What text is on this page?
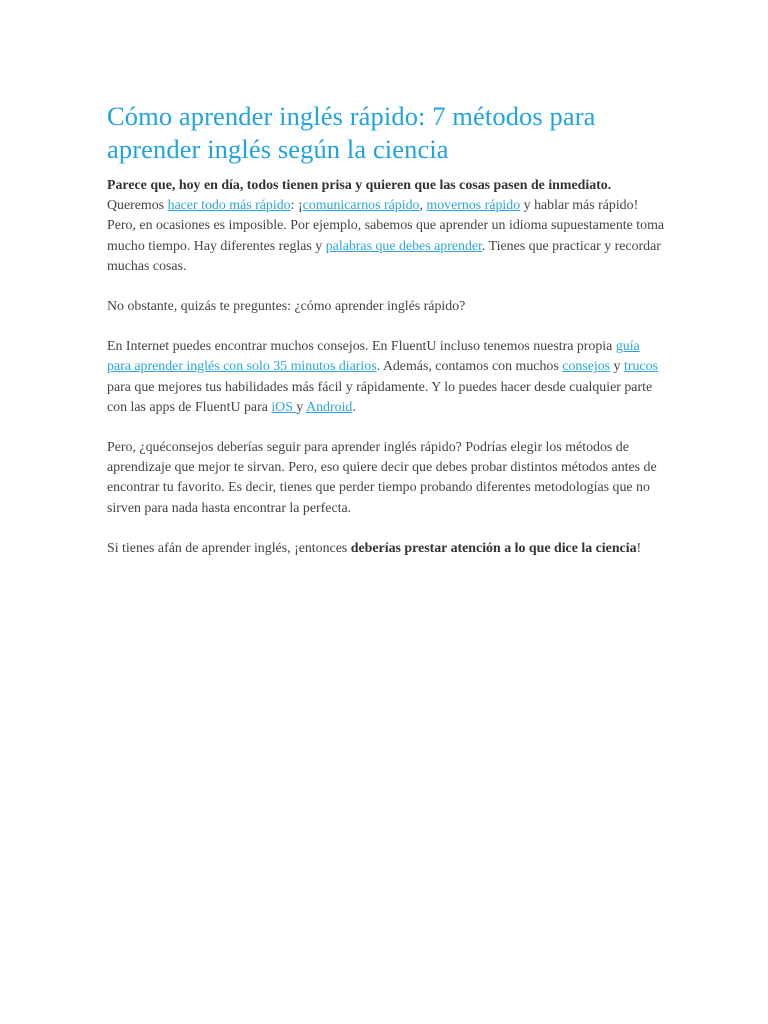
Cómo aprender inglés rápido: 7 métodos para aprender inglés según la ciencia

Parece que, hoy en día, todos tienen prisa y quieren que las cosas pasen de inmediato.
Queremos hacer todo más rápido: ¡comunicarnos rápido, movernos rápido y hablar más rápido!

Pero, en ocasiones es imposible. Por ejemplo, sabemos que aprender un idioma supuestamente toma mucho tiempo. Hay diferentes reglas y palabras que debes aprender. Tienes que practicar y recordar muchas cosas.

No obstante, quizás te preguntes: ¿cómo aprender inglés rápido?

En Internet puedes encontrar muchos consejos. En FluentU incluso tenemos nuestra propia guía para aprender inglés con solo 35 minutos diarios. Además, contamos con muchos consejos y trucos para que mejores tus habilidades más fácil y rápidamente. Y lo puedes hacer desde cualquier parte con las apps de FluentU para iOS y Android.

Pero, ¿quéconsejos deberías seguir para aprender inglés rápido? Podrías elegir los métodos de aprendizaje que mejor te sirvan. Pero, eso quiere decir que debes probar distintos métodos antes de encontrar tu favorito. Es decir, tienes que perder tiempo probando diferentes metodologías que no sirven para nada hasta encontrar la perfecta.

Si tienes afán de aprender inglés, ¡entonces deberías prestar atención a lo que dice la ciencia!
